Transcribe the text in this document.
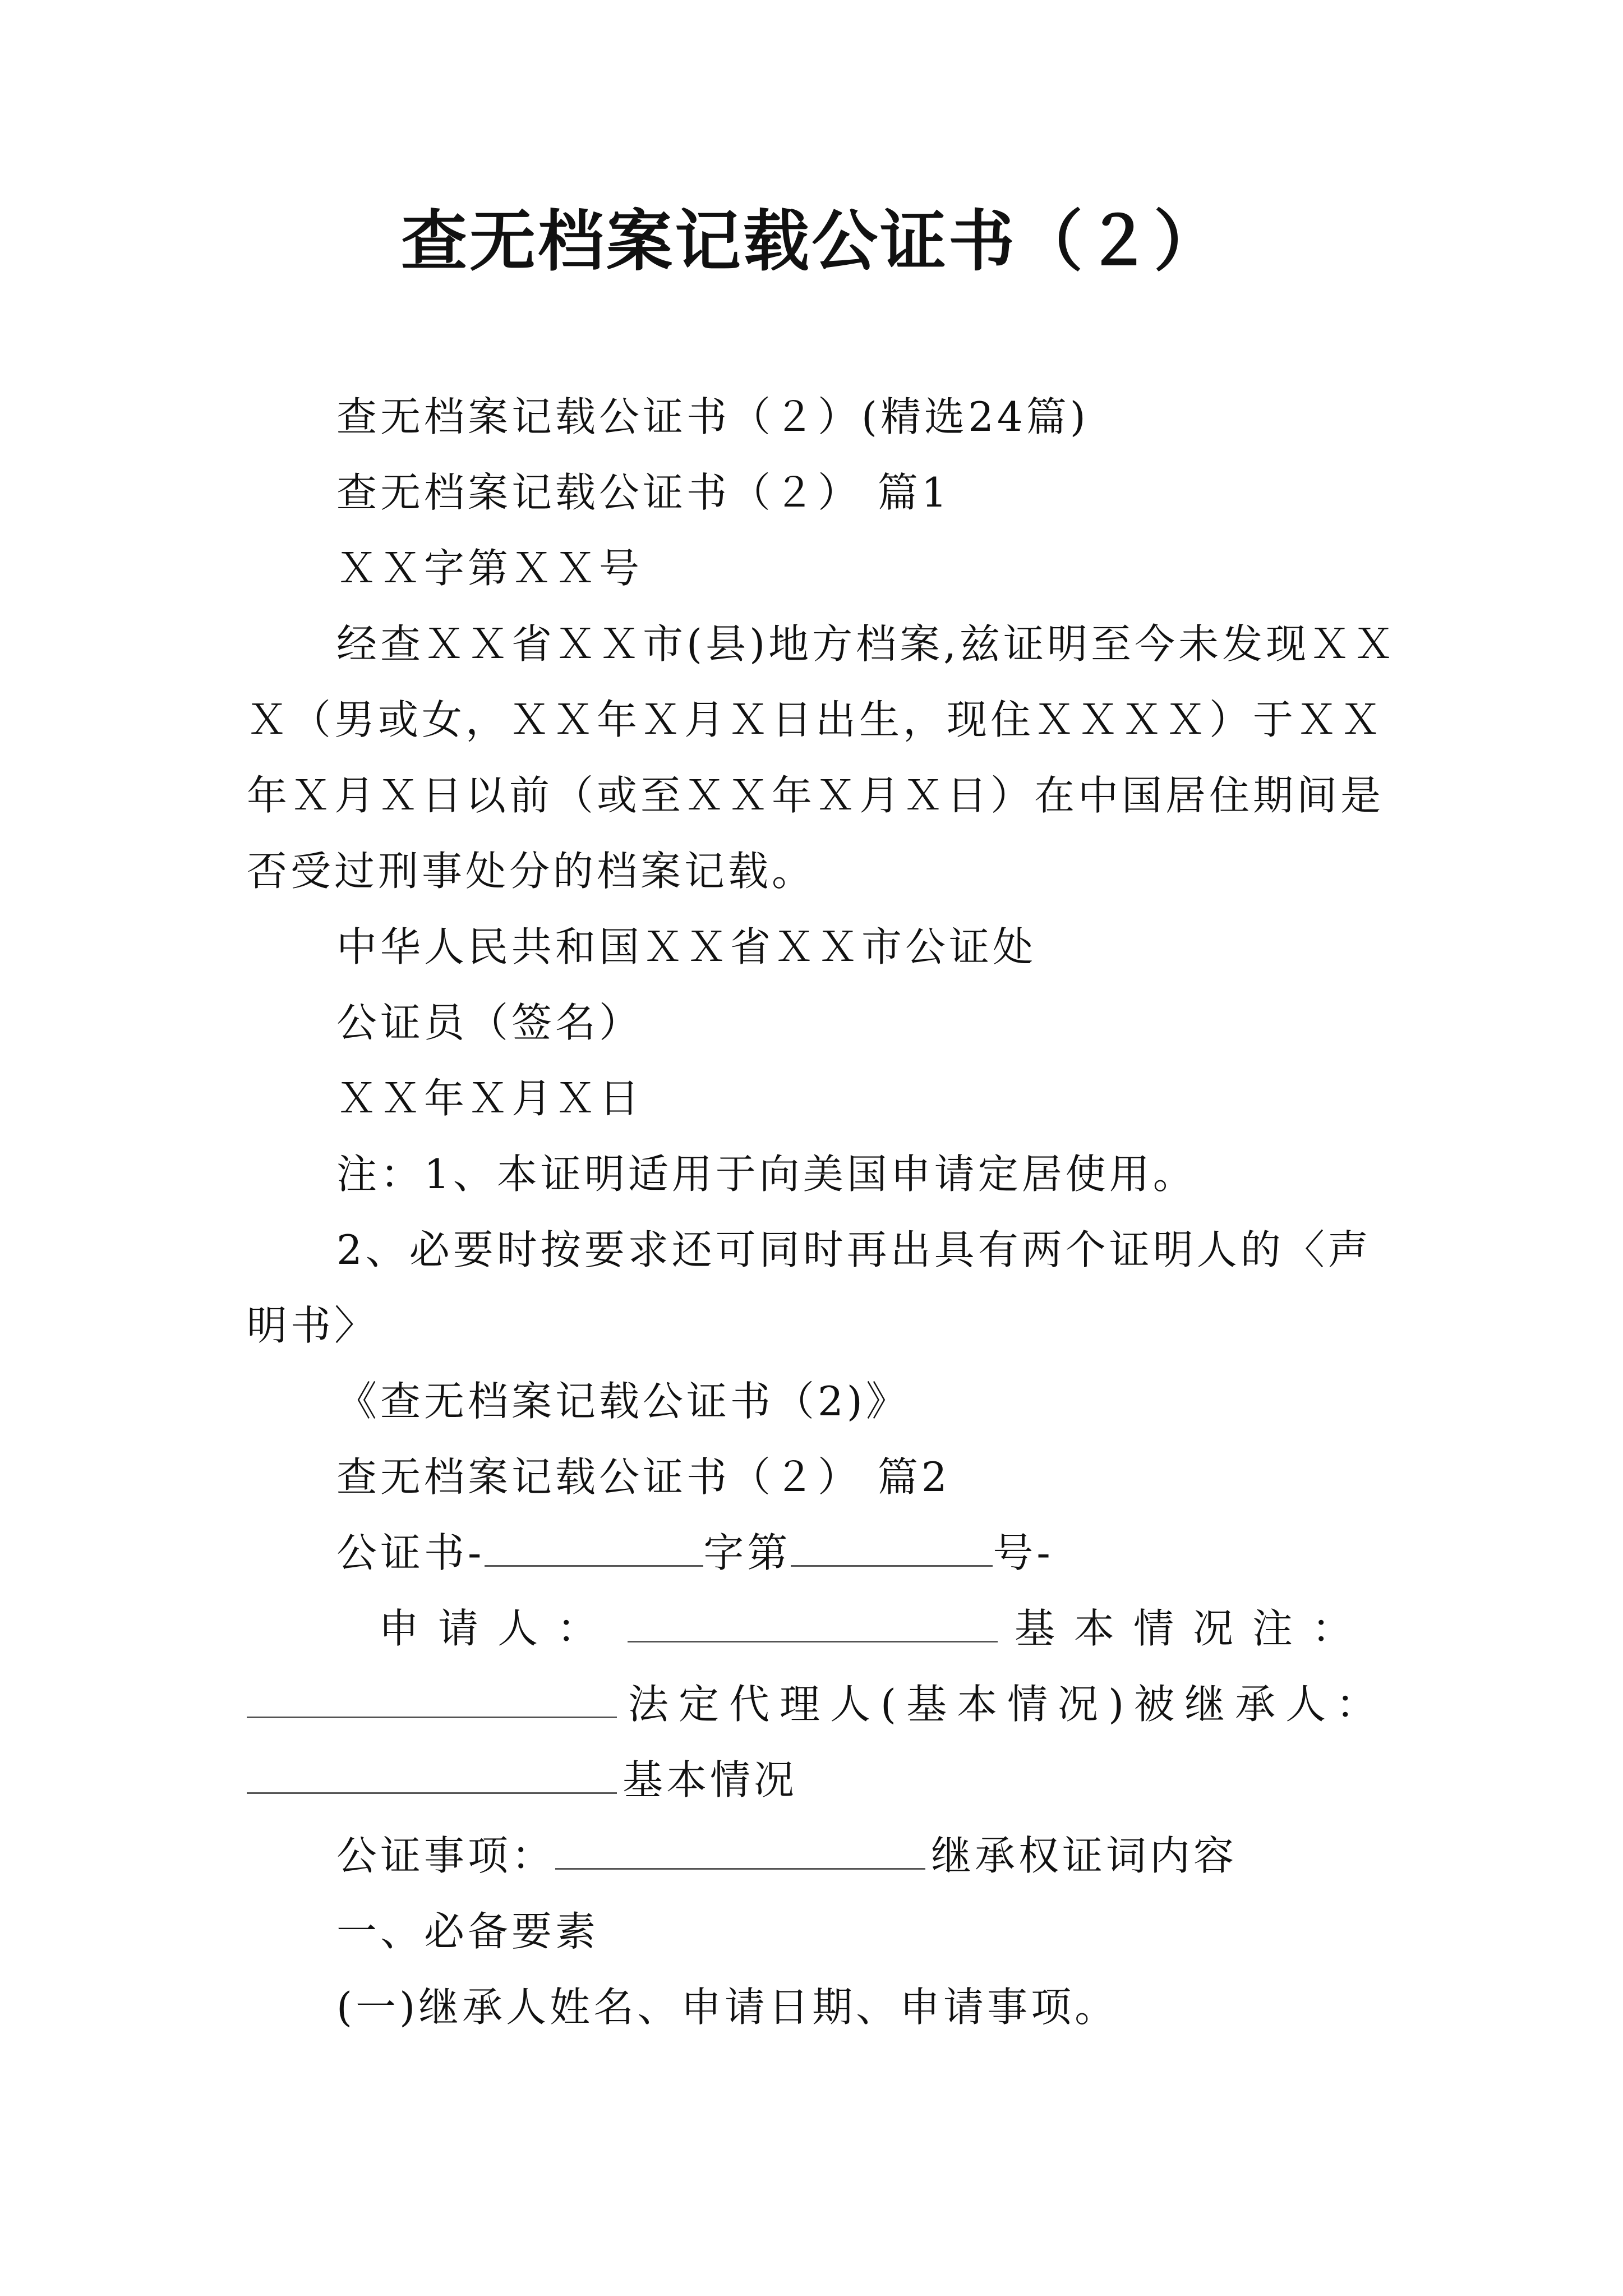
查无档案记载公证书（２）
查无档案记载公证书（２）(精选24篇)
查无档案记载公证书（２） 篇1
ＸＸ字第ＸＸ号
经查ＸＸ省ＸＸ市(县)地方档案,兹证明至今未发现ＸＸ
Ｘ（男或女，ＸＸ年Ｘ月Ｘ日出生，现住ＸＸＸＸ）于ＸＸ
年Ｘ月Ｘ日以前（或至ＸＸ年Ｘ月Ｘ日）在中国居住期间是
否受过刑事处分的档案记载。
中华人民共和国ＸＸ省ＸＸ市公证处
公证员（签名）
ＸＸ年Ｘ月Ｘ日
注：1、本证明适用于向美国申请定居使用。
2、必要时按要求还可同时再出具有两个证明人的〈声
明书〉
《查无档案记载公证书（2)》
查无档案记载公证书（２） 篇2
公证书-	字第	号-
申请人：	基本情况注：
法定代理人(基本情况)被继承人：
基本情况
公证事项：	继承权证词内容
一、必备要素
(一)继承人姓名、申请日期、申请事项。
